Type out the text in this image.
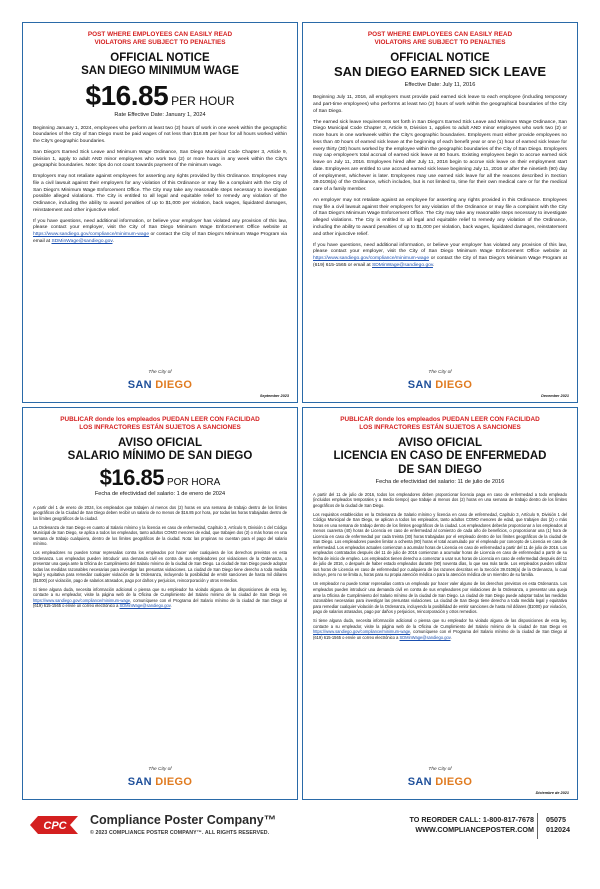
POST WHERE EMPLOYEES CAN EASILY READ
VIOLATORS ARE SUBJECT TO PENALTIES
OFFICIAL NOTICE
SAN DIEGO MINIMUM WAGE
$16.85 PER HOUR
Rate Effective Date: January 1, 2024

Beginning January 1, 2024, employees who perform at least two (2) hours of work in one week within the geographic boundaries of the City of San Diego must be paid wages of not less than $16.85 per hour for all hours worked within the City's geographic boundaries.

San Diego's Earned Sick Leave and Minimum Wage Ordinance, San Diego Municipal Code Chapter 3, Article 9, Division 1, apply to adult AND minor employees who work two (2) or more hours in any week within the City's geographic boundaries. Note: tips do not count towards payment of the minimum wage.

Employers may not retaliate against employees for asserting any rights provided by this Ordinance. Employees may file a civil lawsuit against their employers for any violation of this Ordinance or may file a complaint with the City of San Diego's Minimum Wage Enforcement Office. The City may take any reasonable steps necessary to investigate possible alleged violations. The City is entitled to all legal and equitable relief to remedy any violation of the Ordinance, including the ability to award penalties of up to $1,000 per violation, back wages, liquidated damages, reinstatement and other injunctive relief.

If you have questions, need additional information, or believe your employer has violated any provision of this law, please contact your employer, visit the City of San Diego Minimum Wage Enforcement Office website at https://www.sandiego.gov/compliance/minimum-wage or contact the City of San Diego's Minimum Wage Program via email at SDMinWage@sandiego.gov.

The City of
SAN DIEGO
September 2023
POST WHERE EMPLOYEES CAN EASILY READ
VIOLATORS ARE SUBJECT TO PENALTIES
OFFICIAL NOTICE
SAN DIEGO EARNED SICK LEAVE
Effective Date: July 11, 2016

Beginning July 11, 2016, all employers must provide paid earned sick leave to each employee (including temporary and part-time employees) who performs at least two (2) hours of work within the geographical boundaries of the City of San Diego.

The earned sick leave requirements set forth in San Diego's Earned Sick Leave and Minimum Wage Ordinance, San Diego Municipal Code Chapter 3, Article 9, Division 1, applies to adult AND minor employees who work two (2) or more hours in one workweek within the City's geographic boundaries. Employers must either provide employees no less than 40 hours of earned sick leave at the beginning of each benefit year or one (1) hour of earned sick leave for every thirty (30) hours worked by the employee within the geographic boundaries of the City of San Diego. Employers may cap employee's total accrual of earned sick leave at 80 hours. Existing employees begin to accrue earned sick leave on July 11, 2016. Employees hired after July 11, 2016 begin to accrue sick leave on their employment start date. Employees are entitled to use accrued earned sick leave beginning July 11, 2016 or after the ninetieth (90) day of employment, whichever is later. Employees may use earned sick leave for all the reasons described in Section 39.0106(a) of the Ordinance, which includes, but is not limited to, time for their own medical care or for the medical care of a family member.

An employer may not retaliate against an employee for asserting any rights provided in this Ordinance. Employees may file a civil lawsuit against their employers for any violation of the Ordinance or may file a complaint with the City of San Diego's Minimum Wage Enforcement Office. The City may take any reasonable steps necessary to investigate alleged violations. The City is entitled to all legal and equitable relief to remedy any violation of the Ordinance, including the ability to award penalties of up to $1,000 per violation, back wages, liquidated damages, reinstatement and other injunctive relief.

If you have questions, need additional information, or believe your employer has violated any provision of this law, please contact your employer, visit the City of San Diego Minimum Wage Enforcement Office website at https://www.sandiego.gov/compliance/minimum-wage or contact the City of San Diego's Minimum Wage Program at (619) 615-1565 or email at SDMinWage@sandiego.gov.

The City of
SAN DIEGO
December 2021
PUBLICAR donde los empleados PUEDAN LEER CON FACILIDAD
LOS INFRACTORES ESTÁN SUJETOS A SANCIONES
AVISO OFICIAL
SALARIO MÍNIMO DE SAN DIEGO
$16.85 POR HORA
Fecha de efectividad del salario: 1 de enero de 2024

A partir del 1 de enero de 2024, los empleados que trabajen al menos dos (2) horas en una semana de trabajo dentro de los límites geográficos de la Ciudad de San Diego deben recibir un salario de no menos de $16.85 por hora, por todas las horas trabajadas dentro de los límites geográficos de la ciudad.

La Ordenanza de San Diego en cuanto al Salario mínimo y la licencia en caso de enfermedad, Capítulo 3, Artículo 9, División 1 del Código Municipal de San Diego, se aplica a todos los empleados, tanto adultos COMO menores de edad, que trabajen dos (2) o más horas en una semana de trabajo cualquiera, dentro de los límites geográficos de la ciudad. Nota: las propinas no cuentan para el pago del salario mínimo.

Los empleadores no pueden tomar represalias contra los empleados por hacer valer cualquiera de los derechos previstos en esta Ordenanza. Los empleados pueden introducir una demanda civil en contra de sus empleadores por violaciones de la Ordenanza, o presentar una queja ante la Oficina de Cumplimiento del Salario mínimo de la ciudad de San Diego. La ciudad de San Diego puede adoptar todas las medidas razonables necesarias para investigar las presuntas violaciones. La ciudad de San Diego tiene derecho a toda medida legal y equitativa para remediar cualquier violación de la Ordenanza, incluyendo la posibilidad de emitir sanciones de hasta mil dólares ($1000) por violación, pago de salarios atrasados, pago por daños y perjuicios, reincorporación y otros remedios.

Si tiene alguna duda, necesita información adicional o piensa que su empleador ha violado alguna de las disposiciones de esta ley, contacte a su empleador, visite la página web de la Oficina de Cumplimiento del Salario mínimo de la ciudad de San Diego en https://www.sandiego.gov/compliance/minimum-wage, comuníquese con el Programa del Salario mínimo de la ciudad de San Diego al (619) 615-1565 o envíe un correo electrónico a SDMinWage@sandiego.gov.

The City of
SAN DIEGO
PUBLICAR donde los empleados PUEDAN LEER CON FACILIDAD
LOS INFRACTORES ESTÁN SUJETOS A SANCIONES
AVISO OFICIAL
LICENCIA EN CASO DE ENFERMEDAD DE SAN DIEGO
Fecha de efectividad del salario: 11 de julio de 2016

A partir del 11 de julio de 2016, todos los empleadores deben proporcionar licencia paga en caso de enfermedad a todo empleado (incluidos empleados temporales y a medio tiempo) que trabaje al menos dos (2) horas en una semana de trabajo dentro de los límites geográficos de la ciudad de San Diego.

Los requisitos establecidos en la Ordenanza de Salario mínimo y licencia en caso de enfermedad, Capítulo 3, Artículo 9, División 1 del Código Municipal de San Diego, se aplican a todos los empleados, tanto adultos COMO menores de edad, que trabajen dos (2) o más horas en una semana de trabajo dentro de los límites geográficos de la ciudad. Los empleadores deberán proporcionar a los empleados al menos cuarenta (40) horas de Licencia en caso de enfermedad al comienzo de cada año de beneficios, o proporcionar una (1) hora de Licencia en caso de enfermedad por cada treinta (30) horas trabajadas por el empleado dentro de los límites geográficos de la ciudad de San Diego. Los empleadores pueden limitar a ochenta (80) horas el total acumulado por el empleado por concepto de Licencia en caso de enfermedad. Los empleados actuales comienzan a acumular horas de Licencia en caso de enfermedad a partir del 11 de julio de 2016. Los empleados contratados después del 11 de julio de 2016 comienzan a acumular horas de Licencia en caso de enfermedad a partir de su fecha de inicio de empleo. Los empleados tienen derecho a comenzar a usar sus horas de Licencia en caso de enfermedad después del 11 de julio de 2016, o después de haber estado empleados durante (90) noventa días, lo que sea más tarde. Los empleados pueden utilizar sus horas de Licencia en caso de enfermedad por cualquiera de las razones descritas en la Sección 39.0106(a) de la Ordenanza, lo cual incluye, pero no se limita a, horas para su propia atención médica o para la atención médica de un miembro de su familia.

Un empleador no puede tomar represalias contra un empleado por hacer valer alguno de los derechos previstos en esta Ordenanza. Los empleados pueden introducir una demanda civil en contra de sus empleadores por violaciones de la Ordenanza, o presentar una queja ante la Oficina de Cumplimiento del Salario mínimo de la ciudad de San Diego. La ciudad de San Diego puede adoptar todas las medidas razonables necesarias para investigar las presuntas violaciones. La ciudad de San Diego tiene derecho a toda medida legal y equitativa para remediar cualquier violación de la Ordenanza, incluyendo la posibilidad de emitir sanciones de hasta mil dólares ($1000) por violación, pago de salarios atrasados, pago por daños y perjuicios, reincorporación y otros remedios.

Si tiene alguna duda, necesita información adicional o piensa que su empleador ha violado alguna de las disposiciones de esta ley, contacte a su empleador, visite la página web de la Oficina de Cumplimiento del Salario mínimo de la ciudad de San Diego en https://www.sandiego.gov/compliance/minimum-wage, comuníquese con el Programa del Salario mínimo de la ciudad de San Diego al (619) 615-1565 o envíe un correo electrónico a SDMinWage@sandiego.gov.

The City of
SAN DIEGO
Diciembre de 2021
CPC Compliance Poster Company™
© 2023 COMPLIANCE POSTER COMPANY™. ALL RIGHTS RESERVED.
TO REORDER CALL: 1-800-817-7678
WWW.COMPLIANCEPOSTER.COM
05075
012024
